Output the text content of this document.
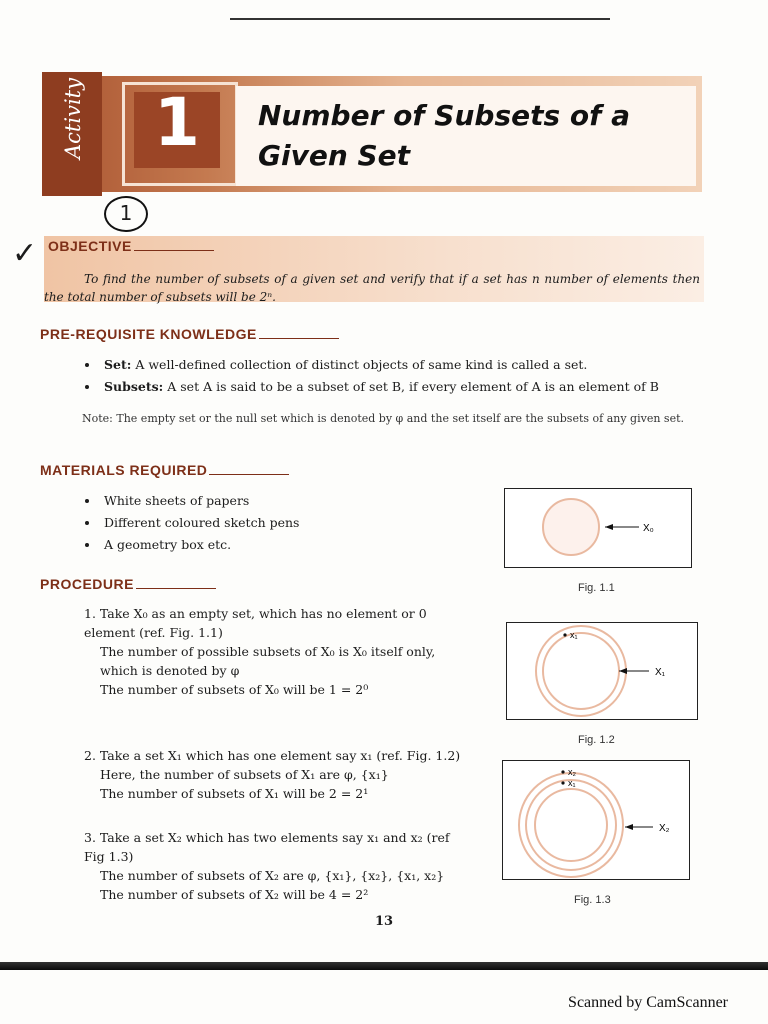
Activity	1	Number of Subsets of a
Given Set
1
✓ OBJECTIVE
To find the number of subsets of a given set and verify that if a set has n number of elements then the total number of subsets will be 2ⁿ.
PRE-REQUISITE KNOWLEDGE
• Set: A well-defined collection of distinct objects of same kind is called a set.
• Subsets: A set A is said to be a subset of set B, if every element of A is an element of B
Note: The empty set or the null set which is denoted by φ and the set itself are the subsets of any given set.
MATERIALS REQUIRED
• White sheets of papers
• Different coloured sketch pens
• A geometry box etc.
PROCEDURE

1. Take X₀ as an empty set, which has no element or 0 element (ref. Fig. 1.1)

The number of possible subsets of X₀ is X₀ itself only, which is denoted by φ

The number of subsets of X₀ will be 1 = 2⁰

2. Take a set X₁ which has one element say x₁ (ref. Fig. 1.2)

Here, the number of subsets of X₁ are φ, {x₁}

The number of subsets of X₁ will be 2 = 2¹

3. Take a set X₂ which has two elements say x₁ and x₂ (ref Fig 1.3)

The number of subsets of X₂ are φ, {x₁}, {x₂}, {x₁, x₂}

The number of subsets of X₂ will be 4 = 2²

X₀
Fig. 1.1
x₁
X₁
Fig. 1.2
x₂
x₁
X₂
Fig. 1.3
13
Scanned by CamScanner
